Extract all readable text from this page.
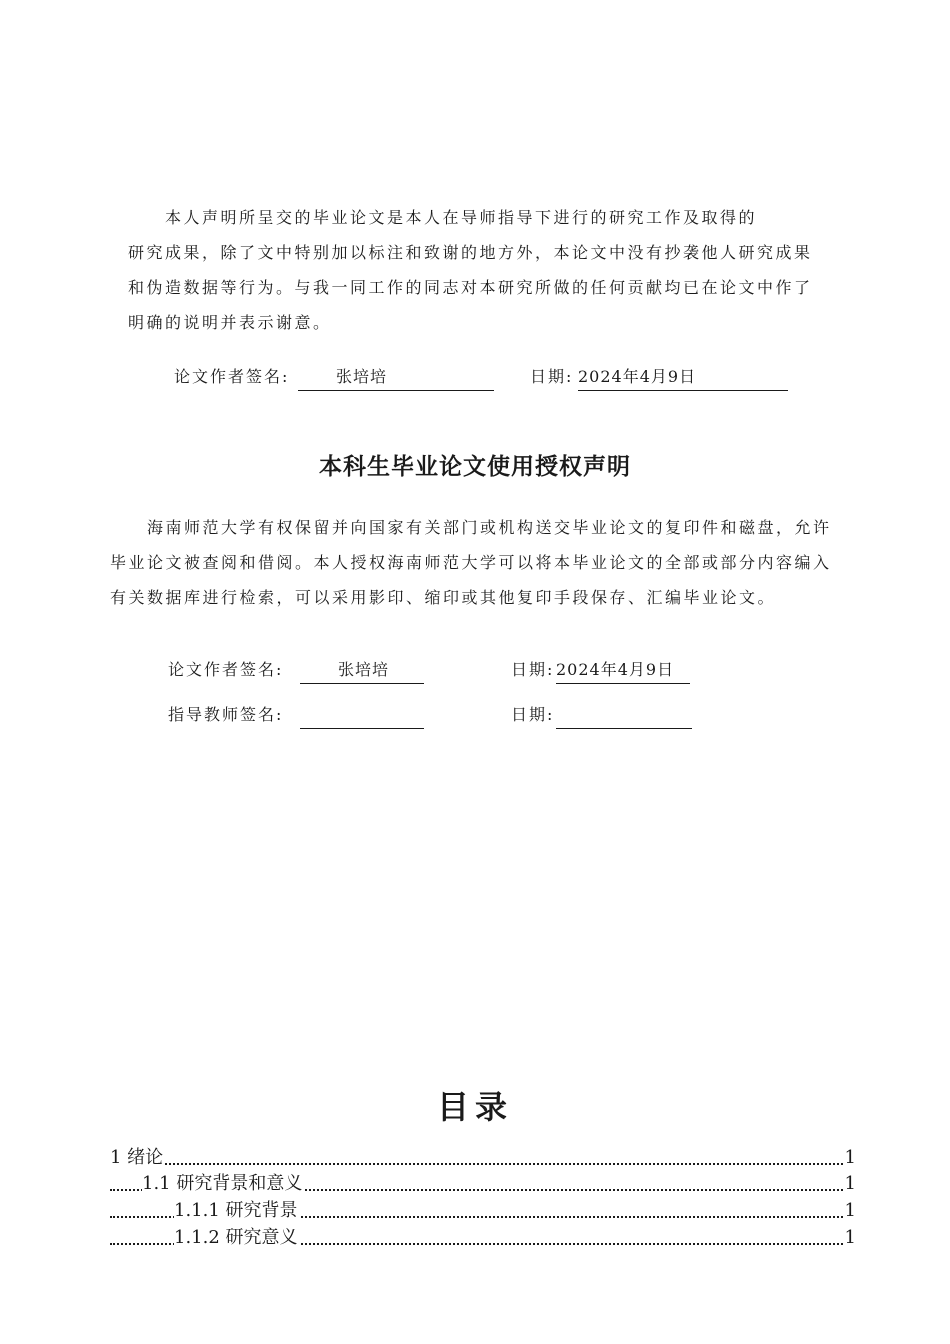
　　本人声明所呈交的毕业论文是本人在导师指导下进行的研究工作及取得的
研究成果，除了文中特别加以标注和致谢的地方外，本论文中没有抄袭他人研究成果
和伪造数据等行为。与我一同工作的同志对本研究所做的任何贡献均已在论文中作了
明确的说明并表示谢意。
论文作者签名:	张培培	日期: 2024年4月9日
本科生毕业论文使用授权声明
　　海南师范大学有权保留并向国家有关部门或机构送交毕业论文的复印件和磁盘，允许
毕业论文被查阅和借阅。本人授权海南师范大学可以将本毕业论文的全部或部分内容编入
有关数据库进行检索，可以采用影印、缩印或其他复印手段保存、汇编毕业论文。
论文作者签名:	张培培	日期: 2024年4月9日
指导教师签名:	日期:
目录
1 绪论	1
1.1 研究背景和意义	1
1.1.1 研究背景	1
1.1.2 研究意义	1
